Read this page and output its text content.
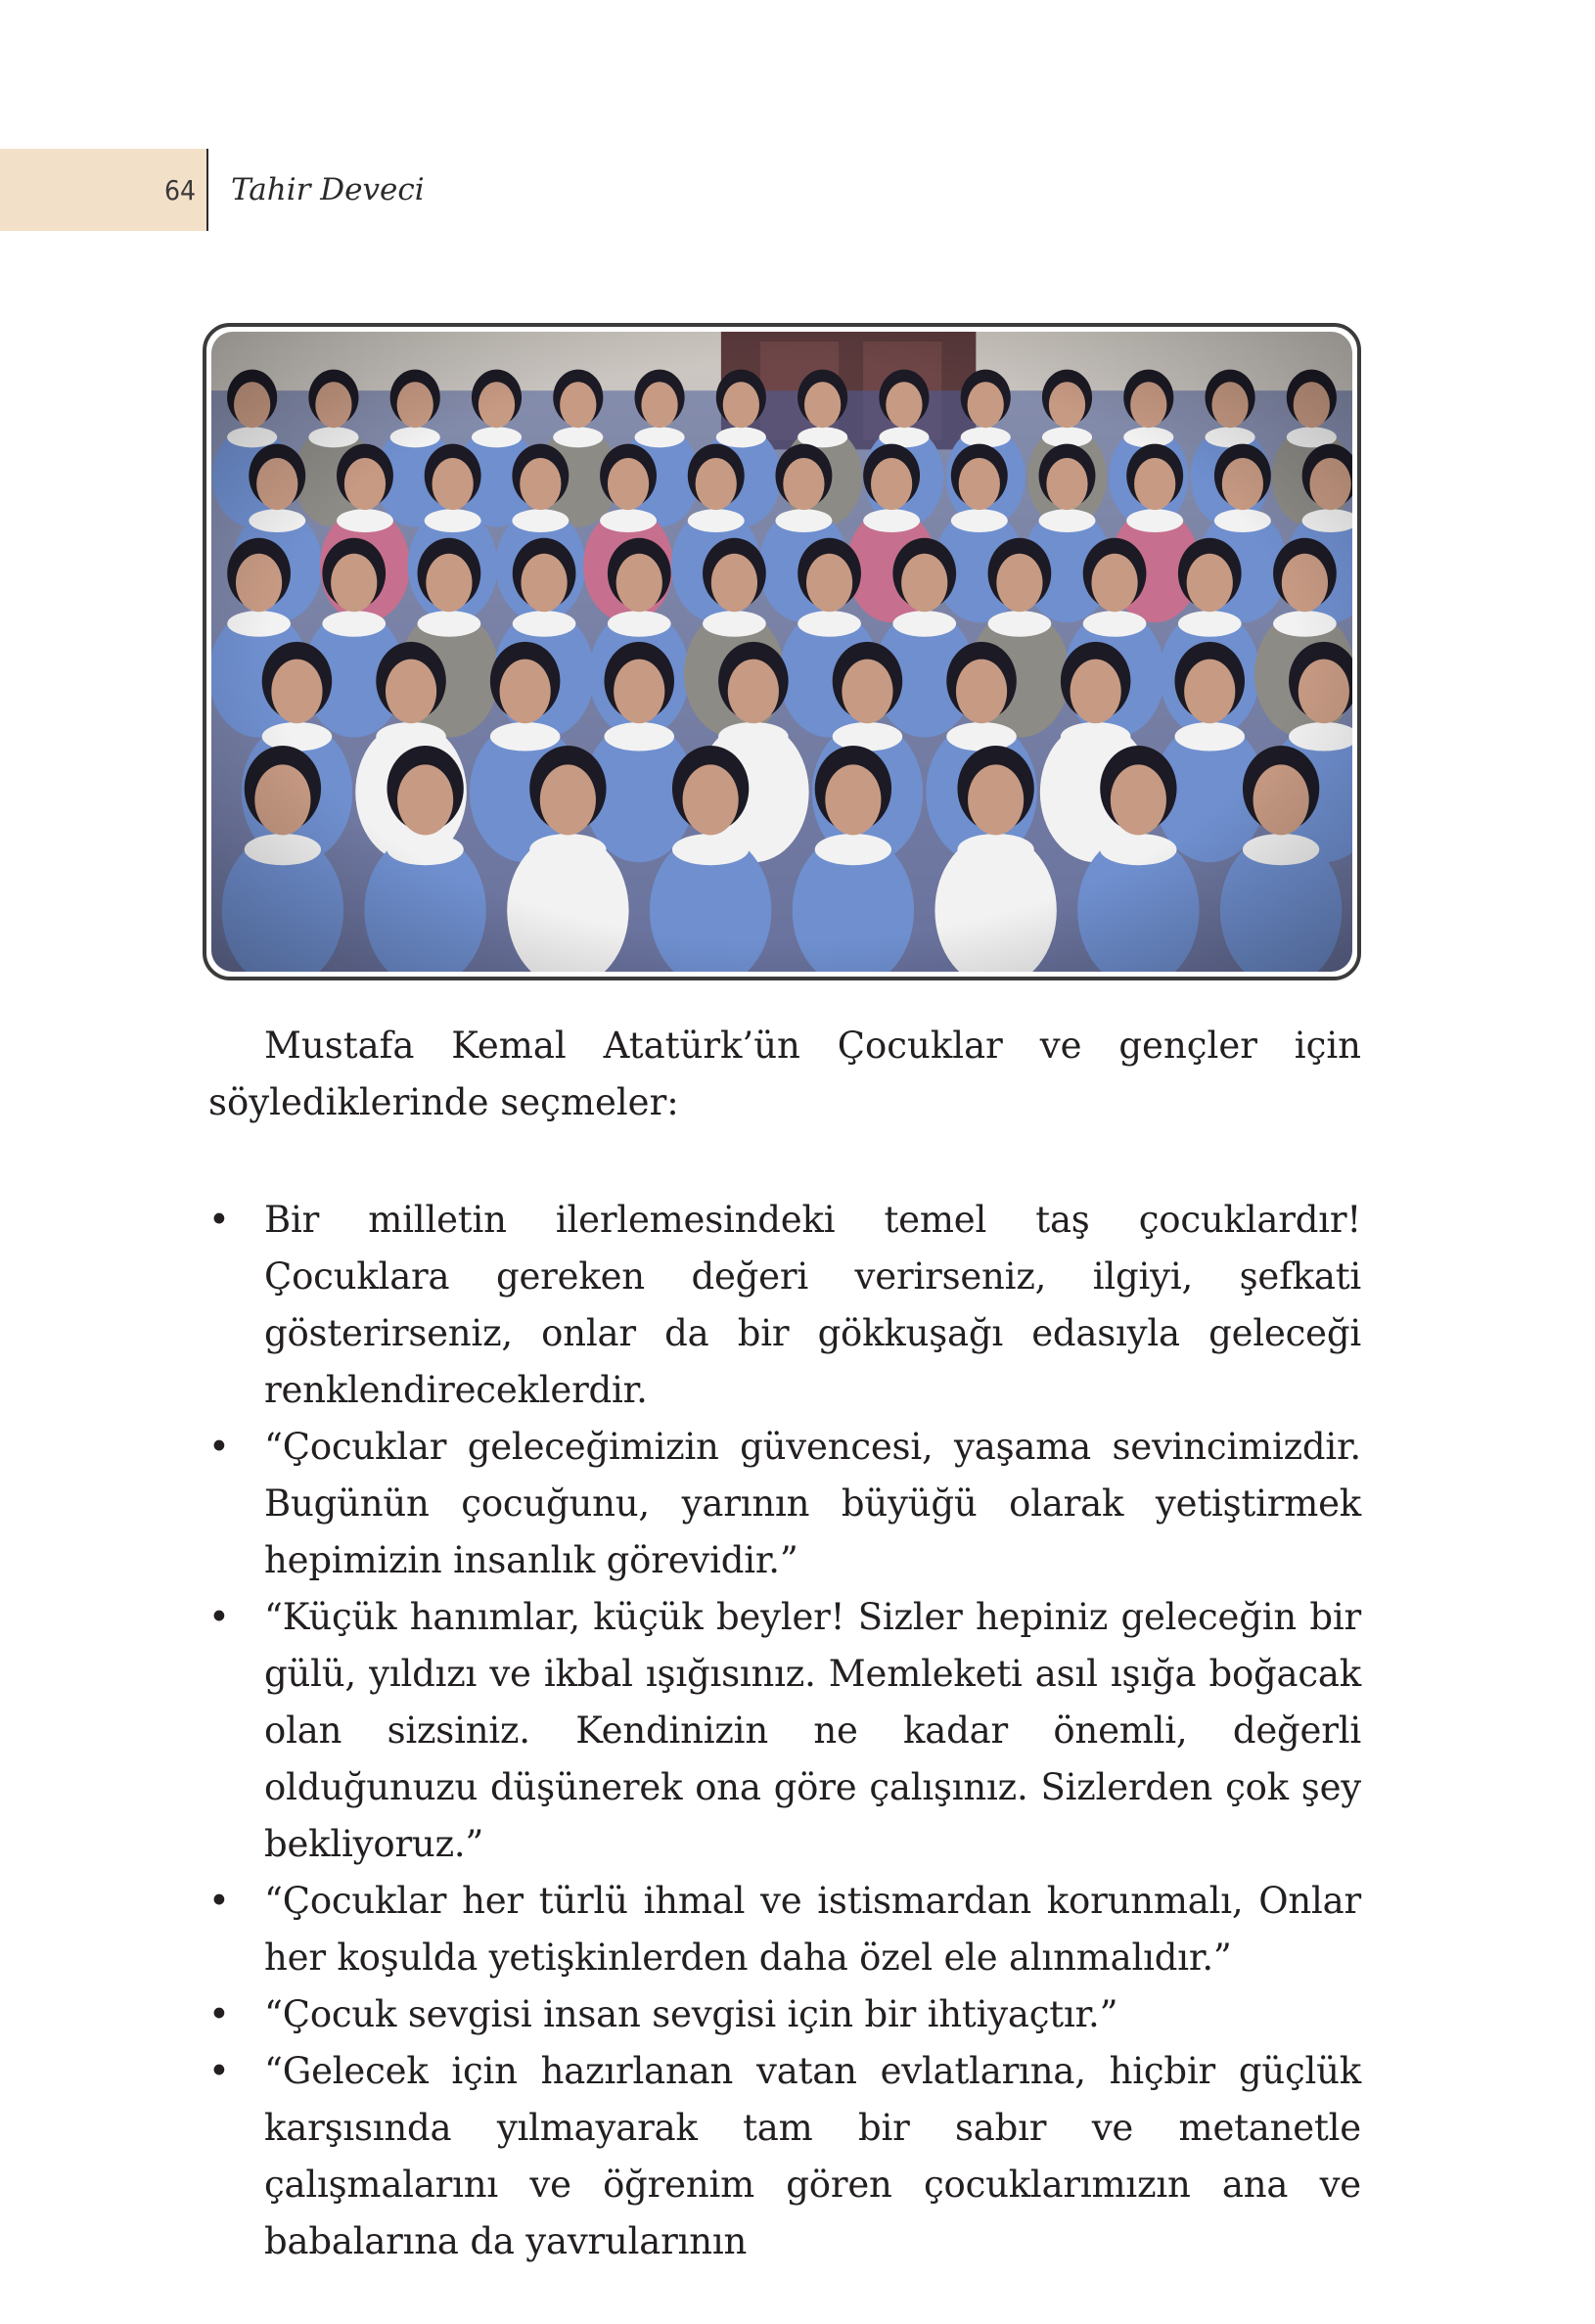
64 Tahir Deveci

Mustafa Kemal Atatürk’ün Çocuklar ve gençler için söylediklerinde seçmeler:

• Bir milletin ilerlemesindeki temel taş çocuklardır! Çocuklara gereken değeri verirseniz, ilgiyi, şefkati gösterirseniz, onlar da bir gökkuşağı edasıyla geleceği renklendireceklerdir.
• “Çocuklar geleceğimizin güvencesi, yaşama sevincimizdir. Bugünün çocuğunu, yarının büyüğü olarak yetiştirmek hepimizin insanlık görevidir.”
• “Küçük hanımlar, küçük beyler! Sizler hepiniz geleceğin bir gülü, yıldızı ve ikbal ışığısınız. Memleketi asıl ışığa boğacak olan sizsiniz. Kendinizin ne kadar önemli, değerli olduğunuzu düşünerek ona göre çalışınız. Sizlerden çok şey bekliyoruz.”
• “Çocuklar her türlü ihmal ve istismardan korunmalı, Onlar her koşulda yetişkinlerden daha özel ele alınmalıdır.”
• “Çocuk sevgisi insan sevgisi için bir ihtiyaçtır.”
• “Gelecek için hazırlanan vatan evlatlarına, hiçbir güçlük karşısında yılmayarak tam bir sabır ve metanetle çalışmalarını ve öğrenim gören çocuklarımızın ana ve babalarına da yavrularının
